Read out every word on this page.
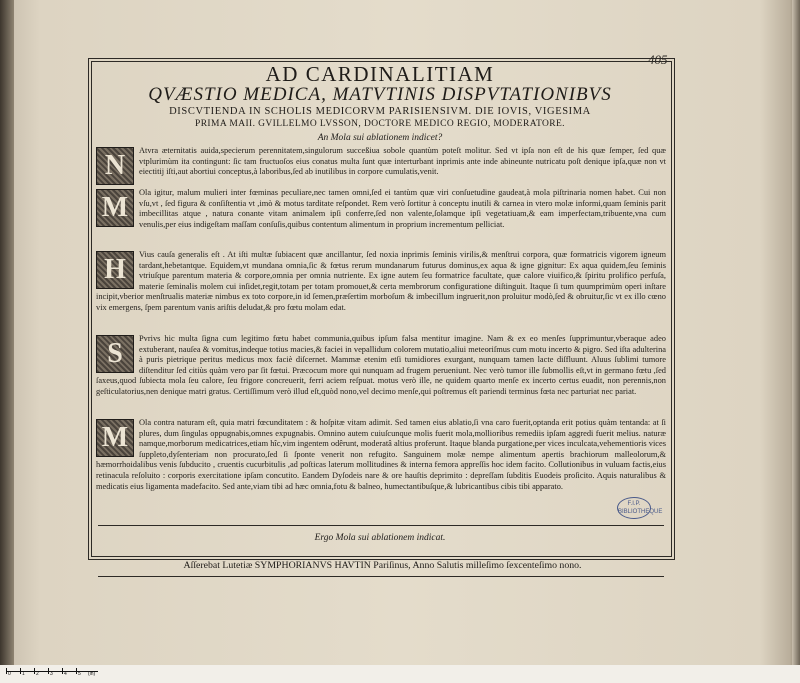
405
AD CARDINALITIAM
QVÆSTIO MEDICA, MATVTINIS DISPVTATIONIBVS
DISCVTIENDA IN SCHOLIS MEDICORVM PARISIENSIVM. DIE IOVIS, VIGESIMA
PRIMA MAII. GVILLELMO LVSSON, DOCTORE MEDICO REGIO, MODERATORE.
An Mola sui ablationem indicet?
N	Atvra æternitatis auida,specierum perennitatem,singulorum succeßiua sobole quantùm poteſt molitur. Sed vt ipſa non eſt de his quæ ſemper, ſed quæ vtplurimùm ita contingunt: ſic tam fructuoſos eius conatus multa ſunt quæ interturbant inprimis ante inde abineunte nutricatu poſt denique ipſa,quæ non vt eiectitij iſti,aut abortiui conceptus,à laboribus,ſed ab inutilibus in corpore cumulatis,venit.
M	Ola igitur, malum mulieri inter fœminas peculiare,nec tamen omni,ſed ei tantùm quæ viri conſuetudine gaudeat,à mola piſtrinaria nomen habet. Cui non vſu,vt , ſed figura & conſiſtentia vt ,imò & motus tarditate reſpondet. Rem verò ſortitur à conceptu inutili & carnea in vtero molæ informi,quam ſeminis parit imbecillitas atque , natura conante vitam animalem ipſi conferre,ſed non valente,ſolamque ipſi vegetatiuam,& eam imperfectam,tribuente,vna cum venulis,per eius indigeſtam maſſam conſuſis,quibus contentum alimentum in proprium incrementum pelliciat.
H	Vius cauſa generalis eſt . At iſti multæ ſubiacent quæ ancillantur, ſed noxia inprimis ſeminis virilis,& menſtrui corpora, quæ formatricis vigorem igneum tardant,hebetantque. Equidem,vt mundana omnia,ſic & fœtus rerum mundanarum futurus dominus,ex aqua & igne gignitur: Ex aqua quidem,ſeu ſeminis vtriuſque parentum materia & corpore,omnia per omnia nutriente. Ex igne autem ſeu formatrice facultate, quæ calore viuifico,& ſpiritu prolifico perfuſa, materie ſeminalis molem cui inſidet,regit,totam per totam promouet,& certa membrorum configuratione diſtinguit. Itaque ſi tum quumprimùm operi inſtare incipit,vberior menſtrualis materiæ nimbus ex toto corpore,in id ſemen,præſertim morboſum & imbecillum ingruerit,non proluitur modò,ſed & obruitur,ſic vt ex illo cœno vix emergens, ſpem parentum vanis ariſtis deludat,& pro fœtu molam edat.
S	Pvrivs hic multa ſigna cum legitimo fœtu habet communia,quibus ipſum falsa mentitur imagine. Nam & ex eo menſes ſupprimuntur,vberaque adeo extuberant, nauſea & vomitus,indeque totius macies,& faciei in vepallidum colorem mutatio,aliui meteoriſmus cum motu incerto & pigro. Sed iſta adulterina à puris pietrique peritus medicus mox faciè diſcernet. Mammæ etenim etſi tumidiores exurgant, nunquam tamen lacte diſfluunt. Aluus ſublimi tumore diſtenditur ſed citiùs quàm vero par ſit fœtui. Præcocum more qui nunquam ad frugem perueniunt. Nec verò tumor ille ſubmollis eſt,vt in germano fœtu ,ſed ſaxeus,quod ſubiecta mola ſeu calore, ſeu frigore concreuerit, ferri aciem reſpuat. motus verò ille, ne quidem quarto menſe ex incerto certus euadit, non perennis,non geſticulatorius,nen denique matri gratus. Certiſſimum verò illud eſt,quòd nono,vel decimo menſe,qui poſtremus eſt pariendi terminus fœta nec parturiat nec pariat.
M	Ola contra naturam eſt, quia matri fœcunditatem : & hoſpitæ vitam adimit. Sed tamen eius ablatio,ſi vna caro fuerit,optanda erit potius quàm tentanda: at ſi plures, dum ſingulas oppugnabis,omnes expugnabis. Omnino autem cuiuſcunque molis fuerit mola,mollioribus remediis ipſam aggredi fuerit melius. naturæ namque,morborum medicatrices,etiam hîc,vim ingentem odêrunt, moderatâ altius proferunt. Itaque blanda purgatione,per vices inculcata,vehementioris vices ſuppleto,dyſenteriam non procurato,ſed ſi ſponte venerit non refugito. Sanguinem molæ nempe alimentum apertis brachiorum malleolorum,& hæmorrhoidalibus venis ſubducito , cruentis cucurbitulis ,ad poſticas laterum mollitudines & interna femora appreſſis hoc idem facito. Collutionibus in vuluam factis,eius retinacula reſoluito : corporis exercitatione ipſam concutito. Eandem Dyſodeis nare & ore hauſtis deprimito : depreſſam ſubditis Euodeis proſicito. Aquis naturalibus & medicatis eius ligamenta madefacito. Sed ante,viam tibi ad hæc omnia,fotu & balneo, humectantibuſque,& lubricantibus cibis tibi apparato.
Ergo Mola sui ablationem indicat.
F.I.P. BIBLIOTHEQUE
Aſſerebat Lutetiæ SYMPHORIANVS HAVTIN Pariſinus, Anno Salutis milleſimo ſexcenteſimo nono.
0 1 2 3 4 5 (in)
